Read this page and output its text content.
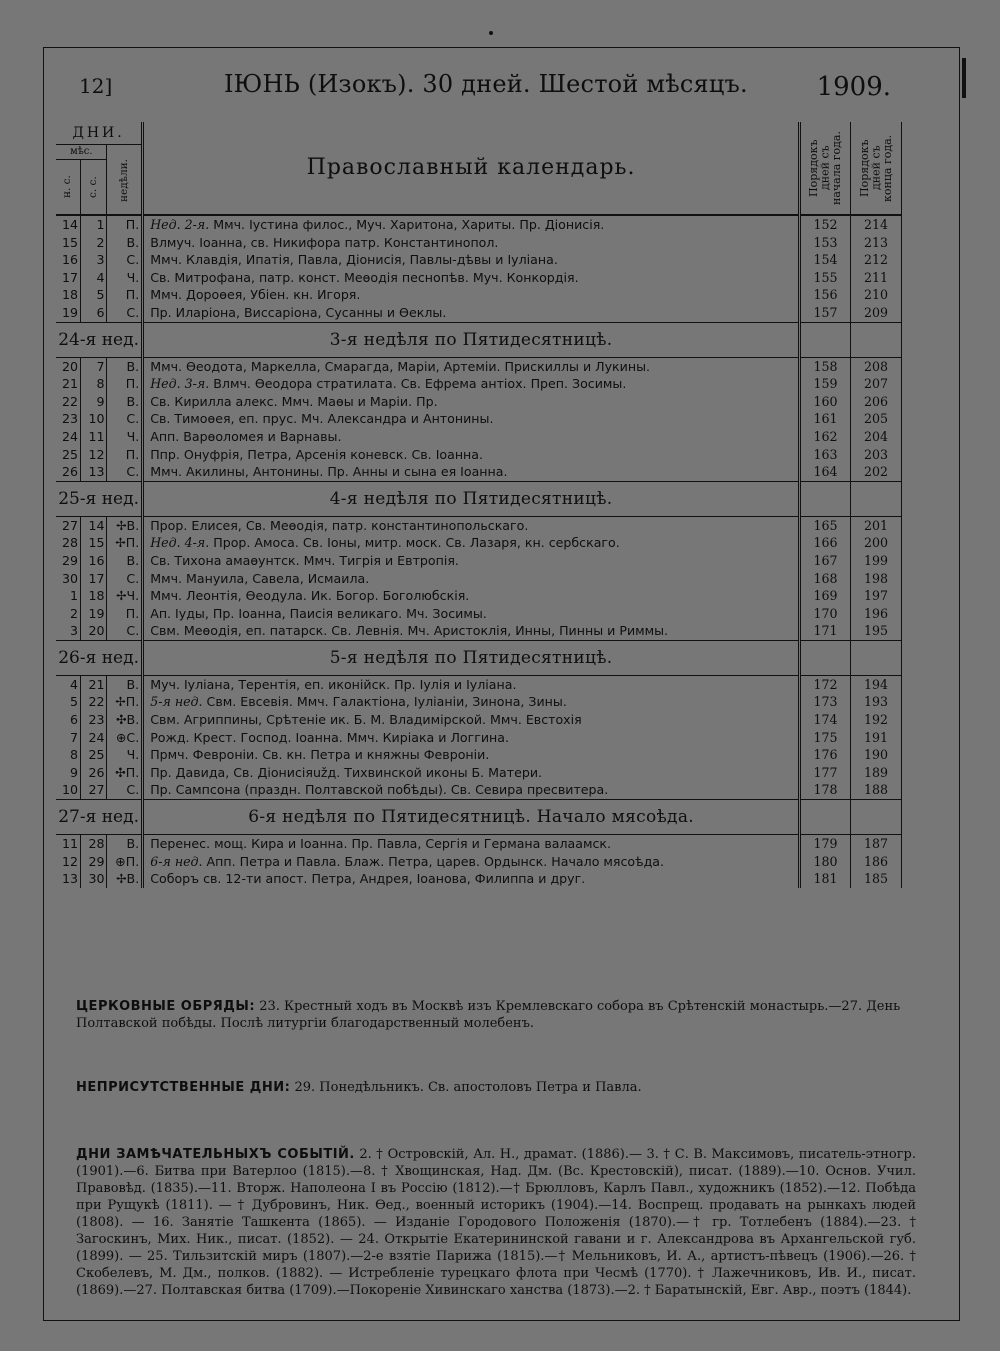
12]	ІЮНЬ (Изокъ). 30 дней. Шестой мѣсяцъ.	1909.
ДНИ.			Православный календарь.	Порядокъ дней съ начала года.	Порядокъ дней съ конца года.

мѣс.		недѣли.			

н. с.	с. с.				

14	1	П.	Нед. 2-я. Ммч. Іустина филос., Муч. Харитона, Хариты. Пр. Діонисія.	152	214
15	2	В.	Влмуч. Іоанна, св. Никифора патр. Константинопол.	153	213
16	3	С.	Ммч. Клавдія, Ипатія, Павла, Діонисія, Павлы-дѣвы и Іуліана.	154	212
17	4	Ч.	Св. Митрофана, патр. конст. Меѳодія песнопѣв. Муч. Конкордія.	155	211
18	5	П.	Ммч. Дороѳея, Убіен. кн. Игоря.	156	210
19	6	С.	Пр. Иларіона, Виссаріона, Сусанны и Ѳеклы.	157	209
24-я нед.			3-я недѣля по Пятидесятницѣ.		
20	7	В.	Ммч. Ѳеодота, Маркелла, Смарагда, Маріи, Артеміи. Прискиллы и Лукины.	158	208
21	8	П.	Нед. 3-я. Влмч. Ѳеодора стратилата. Св. Ефрема антіох. Преп. Зосимы.	159	207
22	9	В.	Св. Кирилла алекс. Ммч. Маѳы и Маріи. Пр.	160	206
23	10	С.	Св. Тимоѳея, еп. прус. Мч. Александра и Антонины.	161	205
24	11	Ч.	Апп. Варѳоломея и Варнавы.	162	204
25	12	П.	Ппр. Онуфрія, Петра, Арсенія коневск. Св. Іоанна.	163	203
26	13	С.	Ммч. Акилины, Антонины. Пр. Анны и сына ея Іоанна.	164	202
25-я нед.			4-я недѣля по Пятидесятницѣ.		
27	14	✢В.	Прор. Елисея, Св. Меѳодія, патр. константинопольскаго.	165	201
28	15	✢П.	Нед. 4-я. Прор. Амоса. Св. Іоны, митр. моск. Св. Лазаря, кн. сербскаго.	166	200
29	16	В.	Св. Тихона амаѳунтск. Ммч. Тигрія и Евтропія.	167	199
30	17	С.	Ммч. Мануила, Савела, Исмаила.	168	198
1	18	✢Ч.	Ммч. Леонтія, Ѳеодула. Ик. Богор. Боголюбскія.	169	197
2	19	П.	Ап. Іуды, Пр. Іоанна, Паисія великаго. Мч. Зосимы.	170	196
3	20	С.	Свм. Меѳодія, еп. патарск. Св. Левнія. Мч. Аристоклія, Инны, Пинны и Риммы.	171	195
26-я нед.			5-я недѣля по Пятидесятницѣ.		
4	21	В.	Муч. Іуліана, Терентія, еп. иконійск. Пр. Іулія и Іуліана.	172	194
5	22	✢П.	5-я нед. Свм. Евсевія. Ммч. Галактіона, Іуліаніи, Зинона, Зины.	173	193
6	23	✣В.	Свм. Агриппины, Срѣтеніе ик. Б. М. Владимірской. Ммч. Евстохія	174	192
7	24	⊕С.	Рожд. Крест. Господ. Іоанна. Ммч. Киріака и Логгина.	175	191
8	25	Ч.	Прмч. Февроніи. Св. кн. Петра и княжны Февроніи.	176	190
9	26	✣П.	Пр. Давида, Св. Діонисіяužд. Тихвинской иконы Б. Матери.	177	189
10	27	С.	Пр. Сампсона (праздн. Полтавской побѣды). Св. Севира пресвитера.	178	188
27-я нед.			6-я недѣля по Пятидесятницѣ. Начало мясоѣда.		
11	28	В.	Перенес. мощ. Кира и Іоанна. Пр. Павла, Сергія и Германа валаамск.	179	187
12	29	⊕П.	6-я нед. Апп. Петра и Павла. Блаж. Петра, царев. Ордынск. Начало мясоѣда.	180	186
13	30	✢В.	Соборъ св. 12-ти апост. Петра, Андрея, Іоанова, Филиппа и друг.	181	185
ЦЕРКОВНЫЕ ОБРЯДЫ: 23. Крестный ходъ въ Москвѣ изъ Кремлевскаго собора въ Срѣтенскій монастырь.—27. День Полтавской побѣды. Послѣ литургіи благодарственный молебенъ.
НЕПРИСУТСТВЕННЫЕ ДНИ: 29. Понедѣльникъ. Св. апостоловъ Петра и Павла.
ДНИ ЗАМѢЧАТЕЛЬНЫХЪ СОБЫТІЙ. 2. † Островскій, Ал. Н., драмат. (1886).— 3. † С. В. Максимовъ, писатель-этногр. (1901).—6. Битва при Ватерлоо (1815).—8. † Хвощинская, Над. Дм. (Вс. Крестовскій), писат. (1889).—10. Основ. Учил. Правовѣд. (1835).—11. Вторж. Наполеона I въ Россію (1812).—† Брюлловъ, Карлъ Павл., художникъ (1852).—12. Побѣда при Рущукѣ (1811). — † Дубровинъ, Ник. Ѳед., военный историкъ (1904).—14. Воспрещ. продавать на рынкахъ людей (1808). — 16. Занятіе Ташкента (1865). — Изданіе Городового Положенія (1870).—† гр. Тотлебенъ (1884).—23. † Загоскинъ, Мих. Ник., писат. (1852). — 24. Открытіе Екатерининской гавани и г. Александрова въ Архангельской губ. (1899). — 25. Тильзитскій миръ (1807).—2-е взятіе Парижа (1815).—† Мельниковъ, И. А., артистъ-пѣвецъ (1906).—26. † Скобелевъ, М. Дм., полков. (1882). — Истребленіе турецкаго флота при Чесмѣ (1770). † Лажечниковъ, Ив. И., писат. (1869).—27. Полтавская битва (1709).—Покореніе Хивинскаго ханства (1873).—2. † Баратынскій, Евг. Авр., поэтъ (1844).
